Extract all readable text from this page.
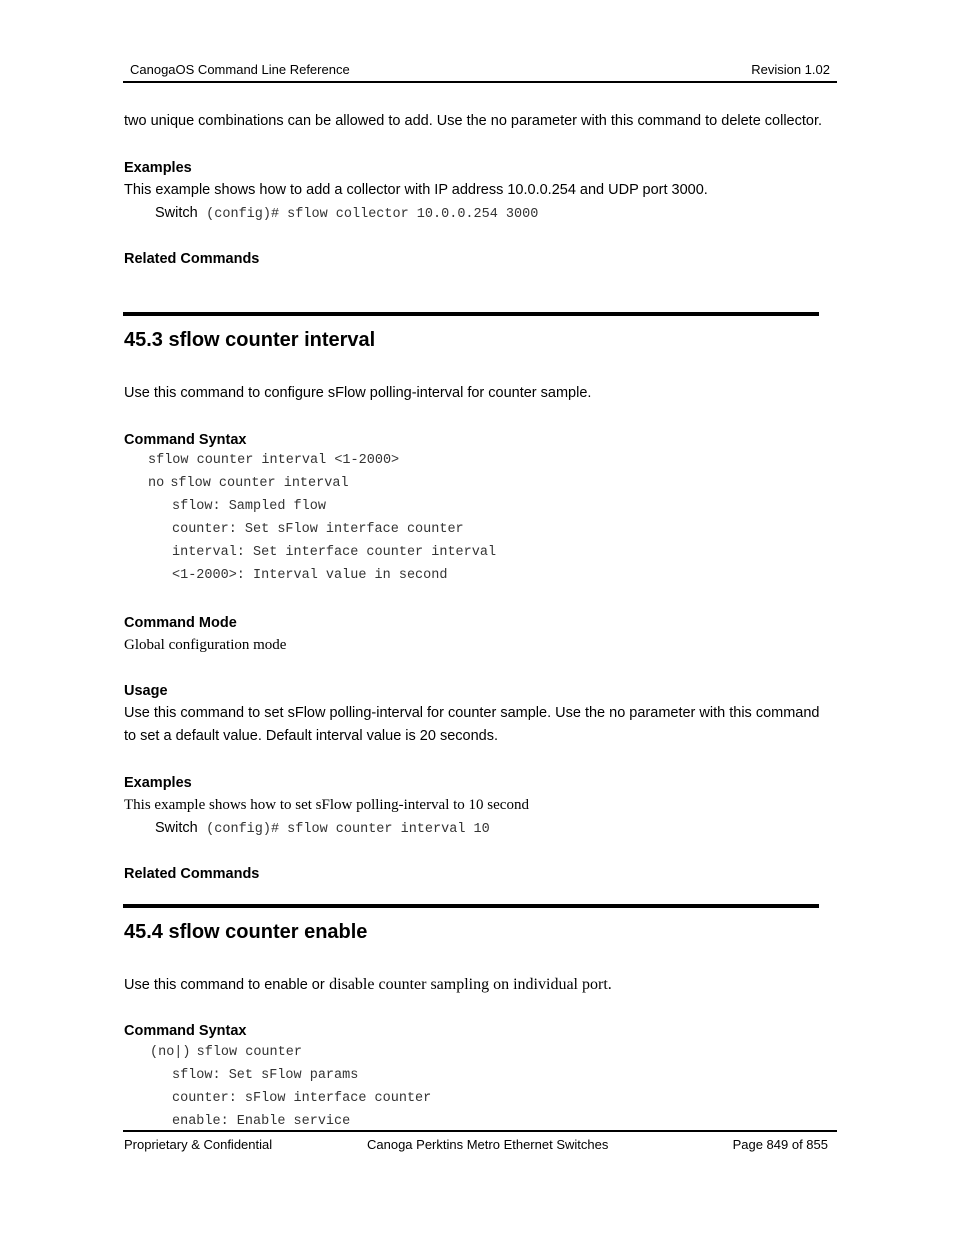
CanogaOS Command Line Reference	Revision 1.02
two unique combinations can be allowed to add. Use the no parameter with this command to delete collector.
Examples
This example shows how to add a collector with IP address 10.0.0.254 and UDP port 3000.
Switch (config)# sflow collector 10.0.0.254 3000
Related Commands
45.3 sflow counter interval
Use this command to configure sFlow polling-interval for counter sample.
Command Syntax
sflow counter interval <1-2000>
no sflow counter interval
sflow: Sampled flow
counter: Set sFlow interface counter
interval: Set interface counter interval
<1-2000>: Interval value in second
Command Mode
Global configuration mode
Usage
Use this command to set sFlow polling-interval for counter sample. Use the no parameter with this command
to set a default value. Default interval value is 20 seconds.
Examples
This example shows how to set sFlow polling-interval to 10 second
Switch (config)# sflow counter interval 10
Related Commands
45.4 sflow counter enable
Use this command to enable or disable counter sampling on individual port.
Command Syntax
(no|) sflow counter
sflow: Set sFlow params
counter: sFlow interface counter
enable: Enable service
Proprietary & Confidential	Canoga Perktins Metro Ethernet Switches	Page 849 of 855
